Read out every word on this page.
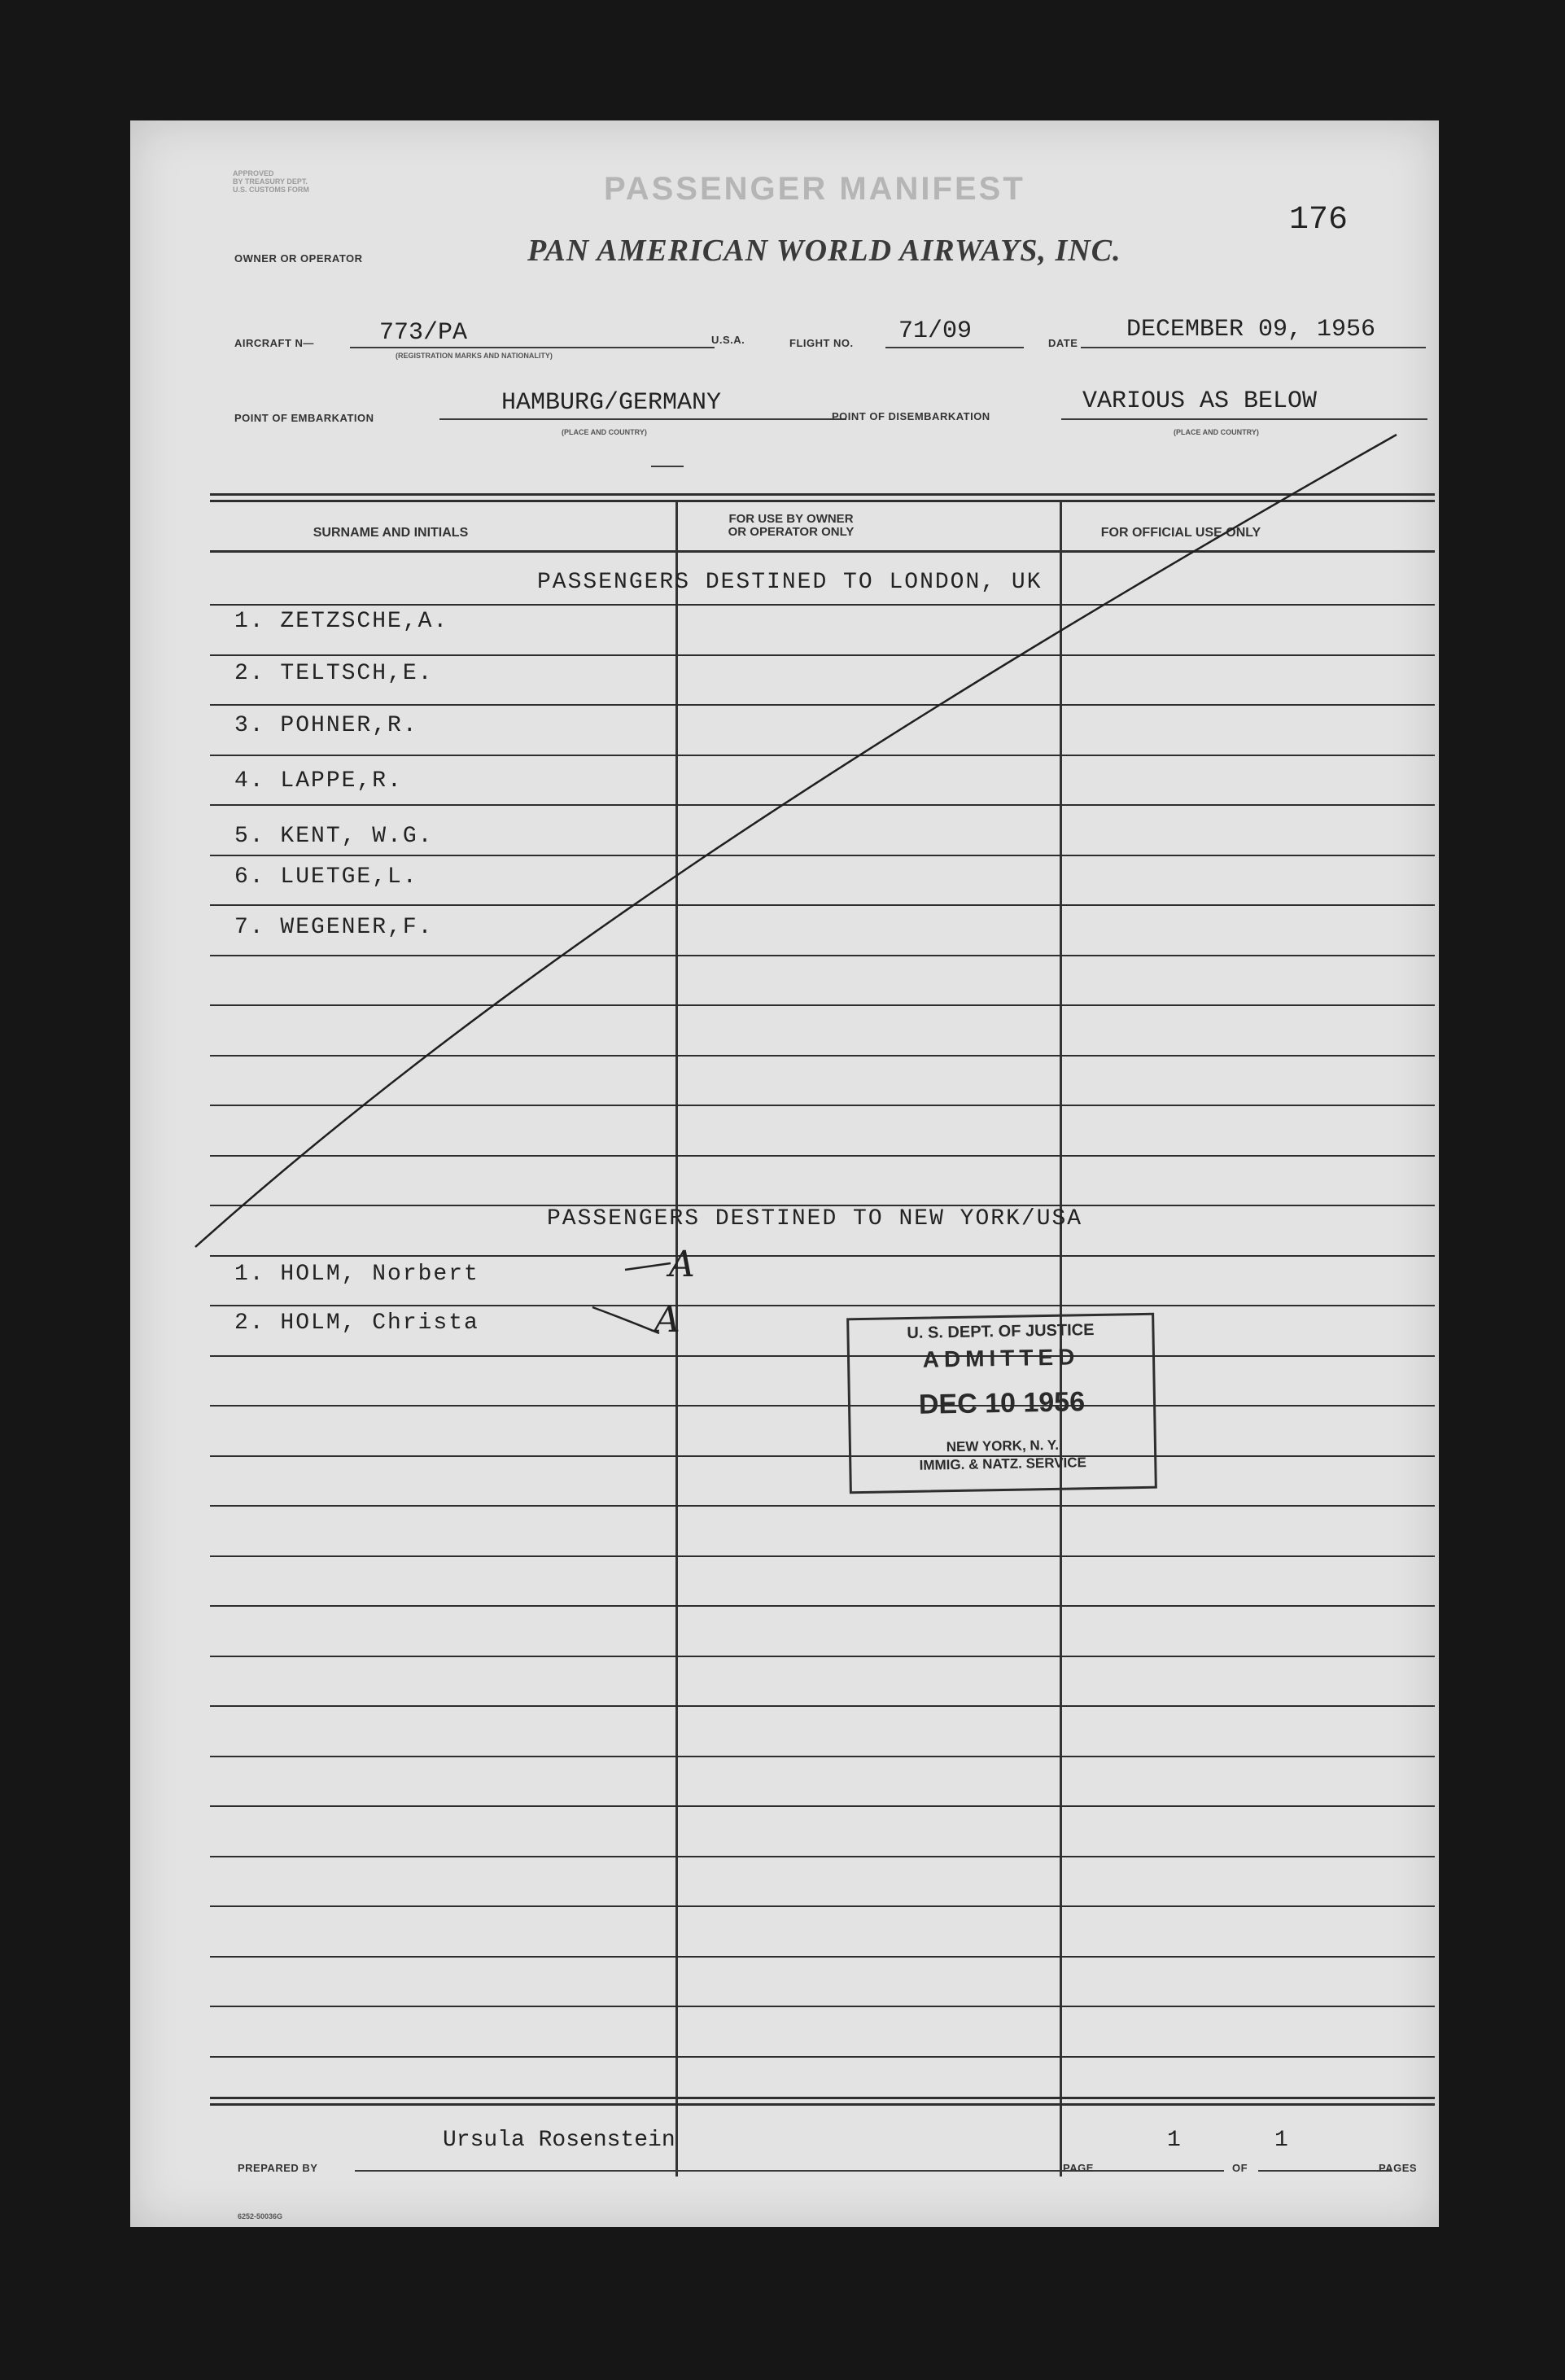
APPROVED
BY TREASURY DEPT.
U.S. CUSTOMS FORM	PASSENGER MANIFEST
176
OWNER OR OPERATOR	PAN AMERICAN WORLD AIRWAYS, INC.
AIRCRAFT N—	773/PA
(REGISTRATION MARKS AND NATIONALITY)
U.S.A.	FLIGHT NO. 71/09	DATE DECEMBER 09, 1956
POINT OF EMBARKATION
HAMBURG/GERMANY
(PLACE AND COUNTRY)
POINT OF DISEMBARKATION
VARIOUS AS BELOW
(PLACE AND COUNTRY)
SURNAME AND INITIALS
FOR USE BY OWNER
OR OPERATOR ONLY	FOR OFFICIAL USE ONLY
PASSENGERS DESTINED TO LONDON, UK
1. ZETZSCHE,A.
2. TELTSCH,E.
3. POHNER,R.
4. LAPPE,R.
5. KENT, W.G.
6. LUETGE,L.
7. WEGENER,F.
PASSENGERS DESTINED TO NEW YORK/USA
1. HOLM, Norbert
2. HOLM, Christa
A
A	U. S. DEPT. OF JUSTICE
ADMITTED
DEC 10 1956
NEW YORK, N. Y.
IMMIG. & NATZ. SERVICE
PREPARED BY
Ursula Rosenstein
PAGE
1
OF
1
PAGES
6252-50036G
